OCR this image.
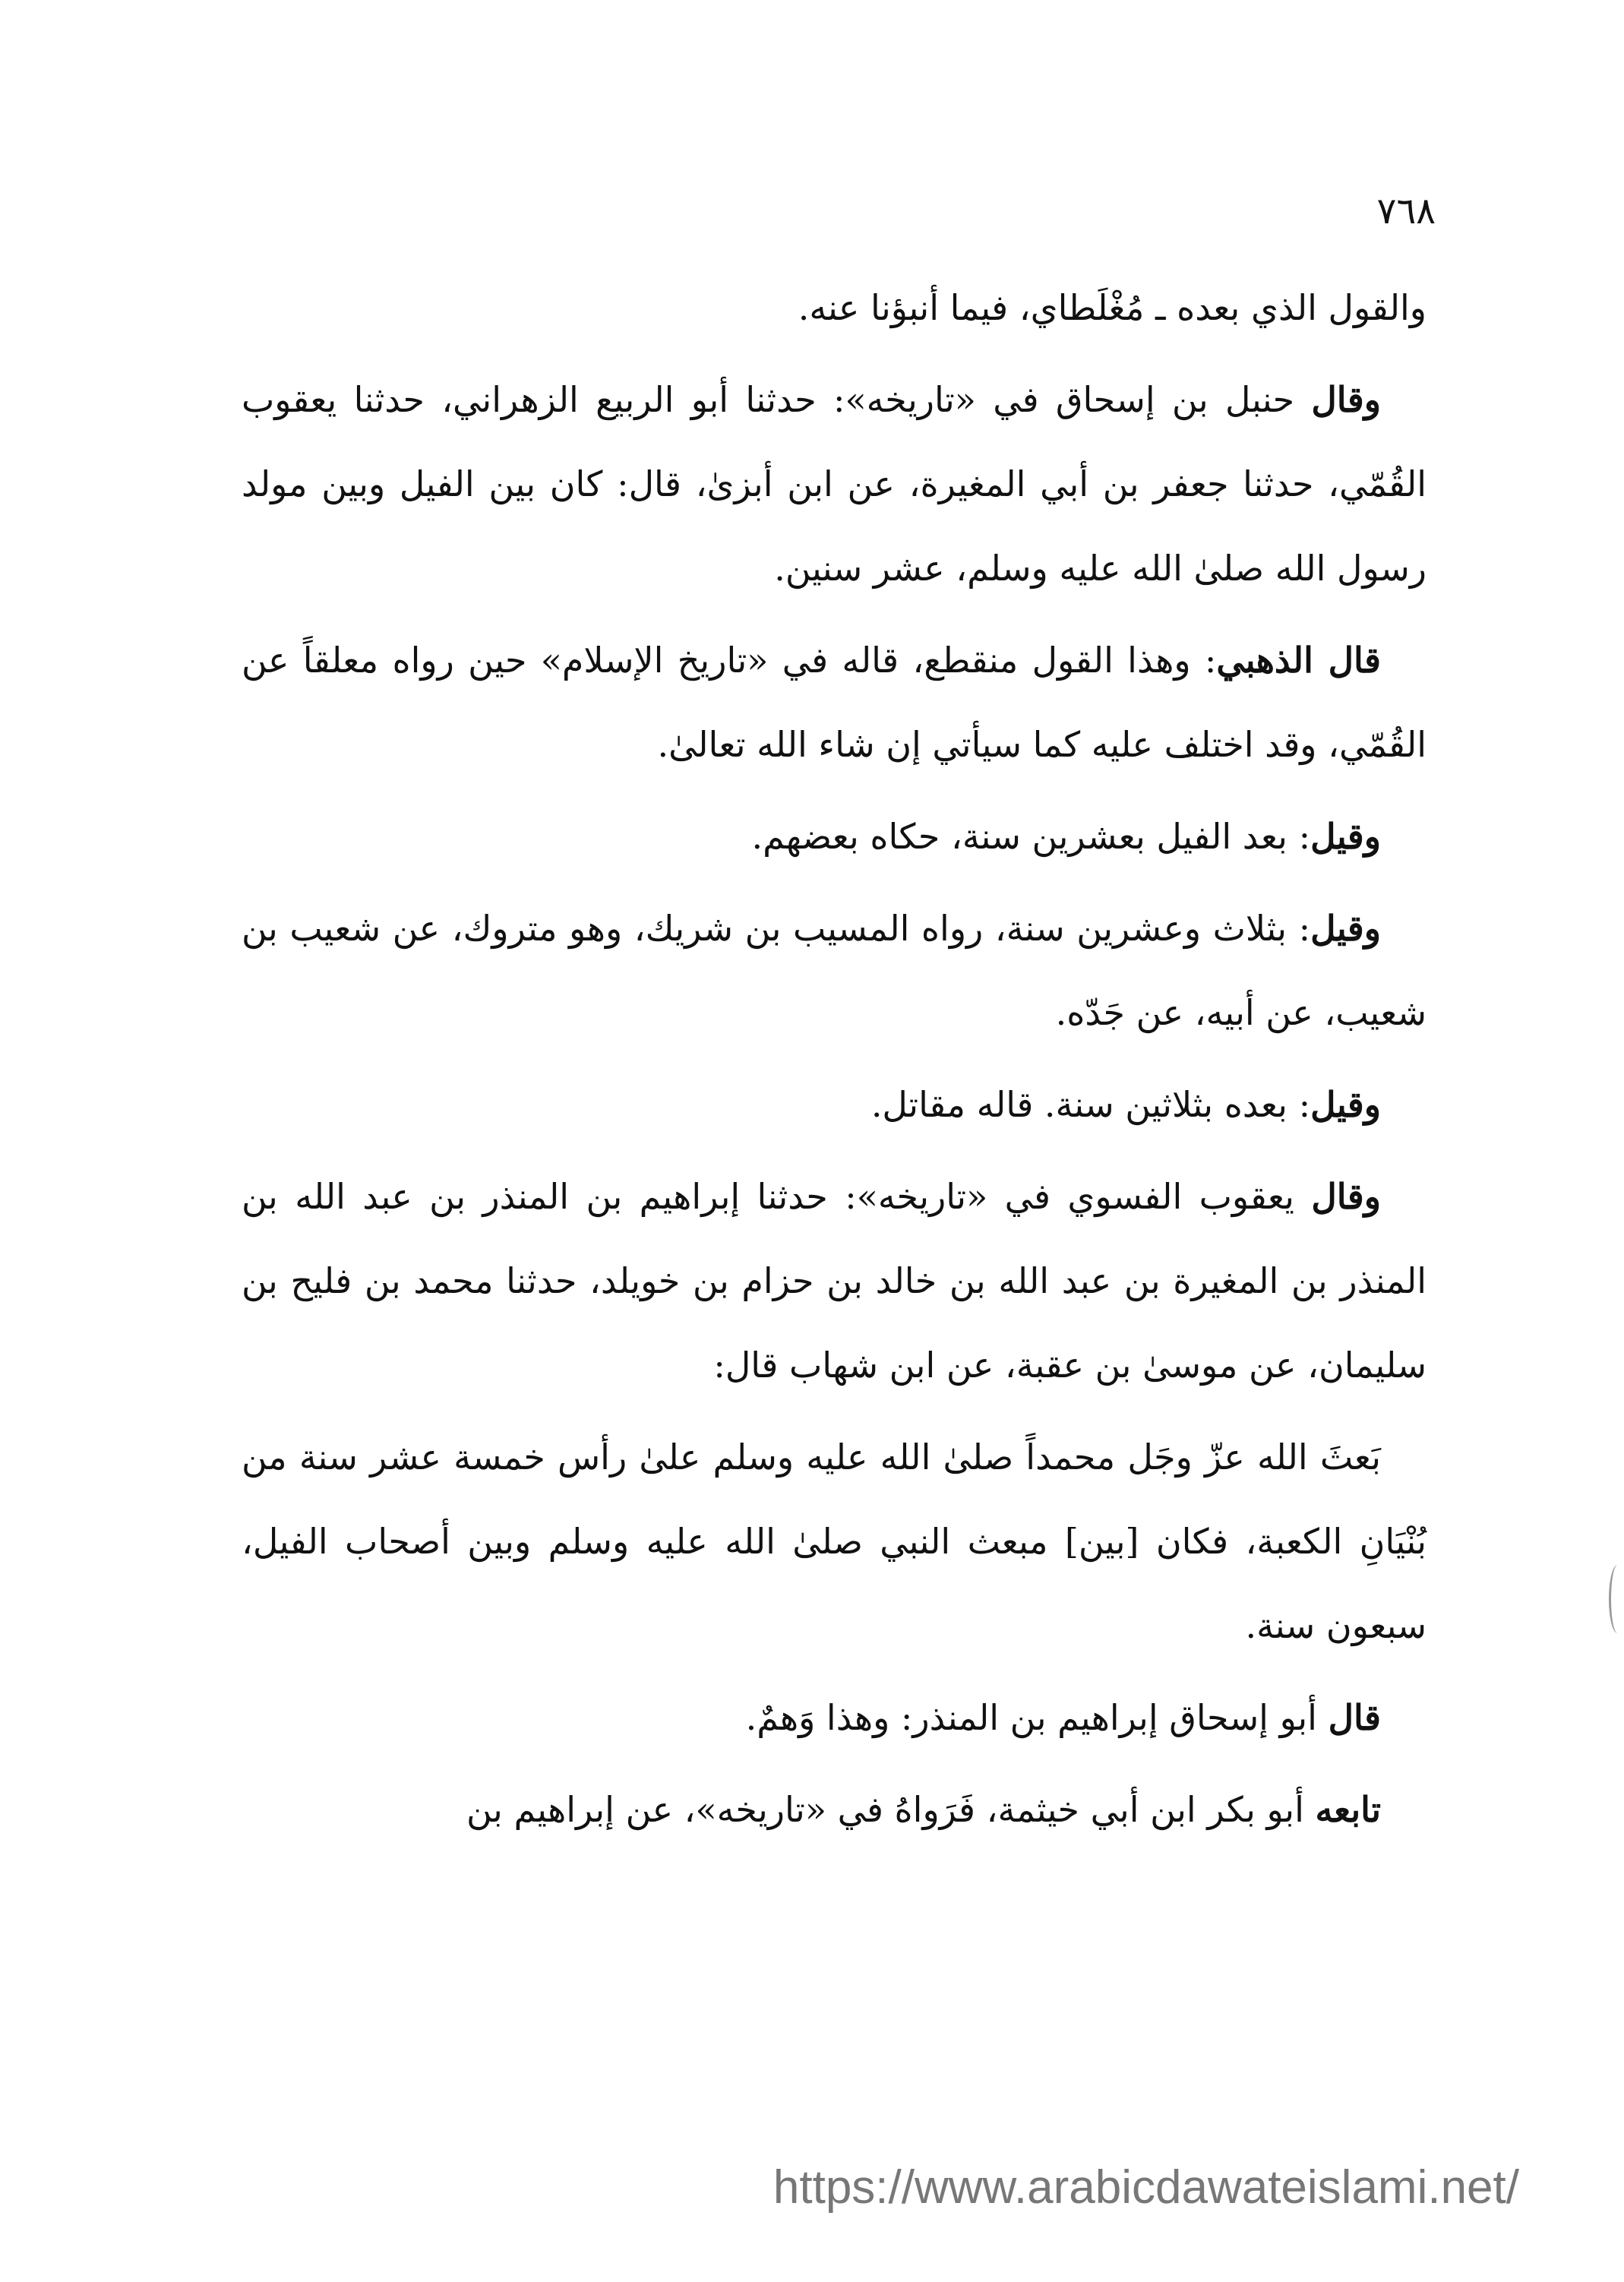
٧٦٨

والقول الذي بعده ـ مُغْلَطاي، فيما أنبؤنا عنه.

وقال حنبل بن إسحاق في «تاريخه»: حدثنا أبو الربيع الزهراني، حدثنا يعقوب القُمّي، حدثنا جعفر بن أبي المغيرة، عن ابن أبزىٰ، قال: كان بين الفيل وبين مولد رسول الله صلىٰ الله عليه وسلم، عشر سنين.

قال الذهبي: وهذا القول منقطع، قاله في «تاريخ الإسلام» حين رواه معلقاً عن القُمّي، وقد اختلف عليه كما سيأتي إن شاء الله تعالىٰ.

وقيل: بعد الفيل بعشرين سنة، حكاه بعضهم.

وقيل: بثلاث وعشرين سنة، رواه المسيب بن شريك، وهو متروك، عن شعيب بن شعيب، عن أبيه، عن جَدّه.

وقيل: بعده بثلاثين سنة. قاله مقاتل.

وقال يعقوب الفسوي في «تاريخه»: حدثنا إبراهيم بن المنذر بن عبد الله بن المنذر بن المغيرة بن عبد الله بن خالد بن حزام بن خويلد، حدثنا محمد بن فليح بن سليمان، عن موسىٰ بن عقبة، عن ابن شهاب قال:

بَعثَ الله عزّ وجَل محمداً صلىٰ الله عليه وسلم علىٰ رأس خمسة عشر سنة من بُنْيَانِ الكعبة، فكان [بين] مبعث النبي صلىٰ الله عليه وسلم وبين أصحاب الفيل، سبعون سنة.

قال أبو إسحاق إبراهيم بن المنذر: وهذا وَهمٌ.

تابعه أبو بكر ابن أبي خيثمة، فَرَواهُ في «تاريخه»، عن إبراهيم بن

https://www.arabicdawateislami.net/
